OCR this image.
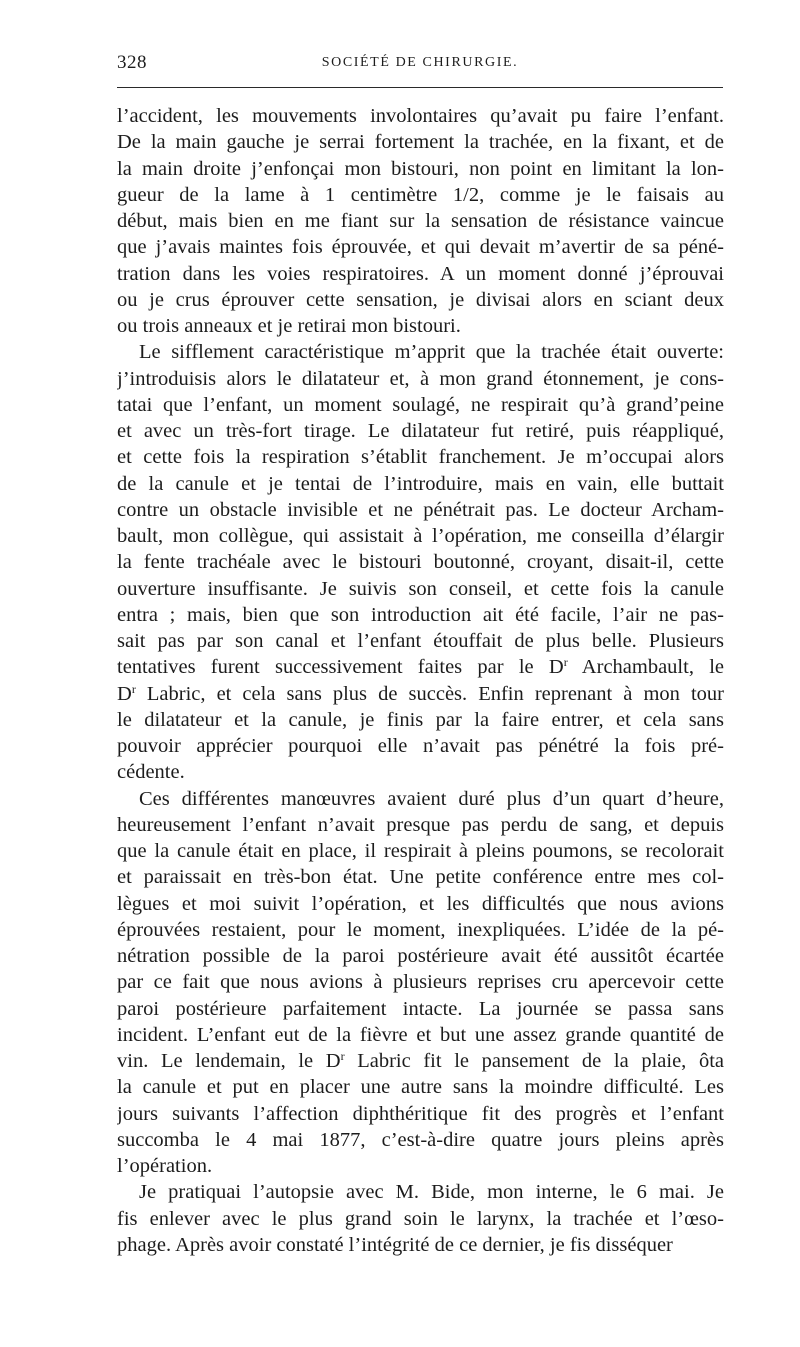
328	SOCIÉTÉ DE CHIRURGIE.
l’accident, les mouvements involontaires qu’avait pu faire l’enfant.
De la main gauche je serrai fortement la trachée, en la fixant, et de
la main droite j’enfonçai mon bistouri, non point en limitant la lon-
gueur de la lame à 1 centimètre 1/2, comme je le faisais au
début, mais bien en me fiant sur la sensation de résistance vaincue
que j’avais maintes fois éprouvée, et qui devait m’avertir de sa péné-
tration dans les voies respiratoires. A un moment donné j’éprouvai
ou je crus éprouver cette sensation, je divisai alors en sciant deux
ou trois anneaux et je retirai mon bistouri.
Le sifflement caractéristique m’apprit que la trachée était ouverte:
j’introduisis alors le dilatateur et, à mon grand étonnement, je cons-
tatai que l’enfant, un moment soulagé, ne respirait qu’à grand’peine
et avec un très-fort tirage. Le dilatateur fut retiré, puis réappliqué,
et cette fois la respiration s’établit franchement. Je m’occupai alors
de la canule et je tentai de l’introduire, mais en vain, elle buttait
contre un obstacle invisible et ne pénétrait pas. Le docteur Archam-
bault, mon collègue, qui assistait à l’opération, me conseilla d’élargir
la fente trachéale avec le bistouri boutonné, croyant, disait-il, cette
ouverture insuffisante. Je suivis son conseil, et cette fois la canule
entra ; mais, bien que son introduction ait été facile, l’air ne pas-
sait pas par son canal et l’enfant étouffait de plus belle. Plusieurs
tentatives furent successivement faites par le $D^r$ Archambault, le
$D^r$ Labric, et cela sans plus de succès. Enfin reprenant à mon tour
le dilatateur et la canule, je finis par la faire entrer, et cela sans
pouvoir apprécier pourquoi elle n’avait pas pénétré la fois pré-
cédente.
Ces différentes manœuvres avaient duré plus d’un quart d’heure,
heureusement l’enfant n’avait presque pas perdu de sang, et depuis
que la canule était en place, il respirait à pleins poumons, se recolorait
et paraissait en très-bon état. Une petite conférence entre mes col-
lègues et moi suivit l’opération, et les difficultés que nous avions
éprouvées restaient, pour le moment, inexpliquées. L’idée de la pé-
nétration possible de la paroi postérieure avait été aussitôt écartée
par ce fait que nous avions à plusieurs reprises cru apercevoir cette
paroi postérieure parfaitement intacte. La journée se passa sans
incident. L’enfant eut de la fièvre et but une assez grande quantité de
vin. Le lendemain, le $D^r$ Labric fit le pansement de la plaie, ôta
la canule et put en placer une autre sans la moindre difficulté. Les
jours suivants l’affection diphthéritique fit des progrès et l’enfant
succomba le 4 mai 1877, c’est-à-dire quatre jours pleins après
l’opération.
Je pratiquai l’autopsie avec M. Bide, mon interne, le 6 mai. Je
fis enlever avec le plus grand soin le larynx, la trachée et l’œso-
phage. Après avoir constaté l’intégrité de ce dernier, je fis disséquer
